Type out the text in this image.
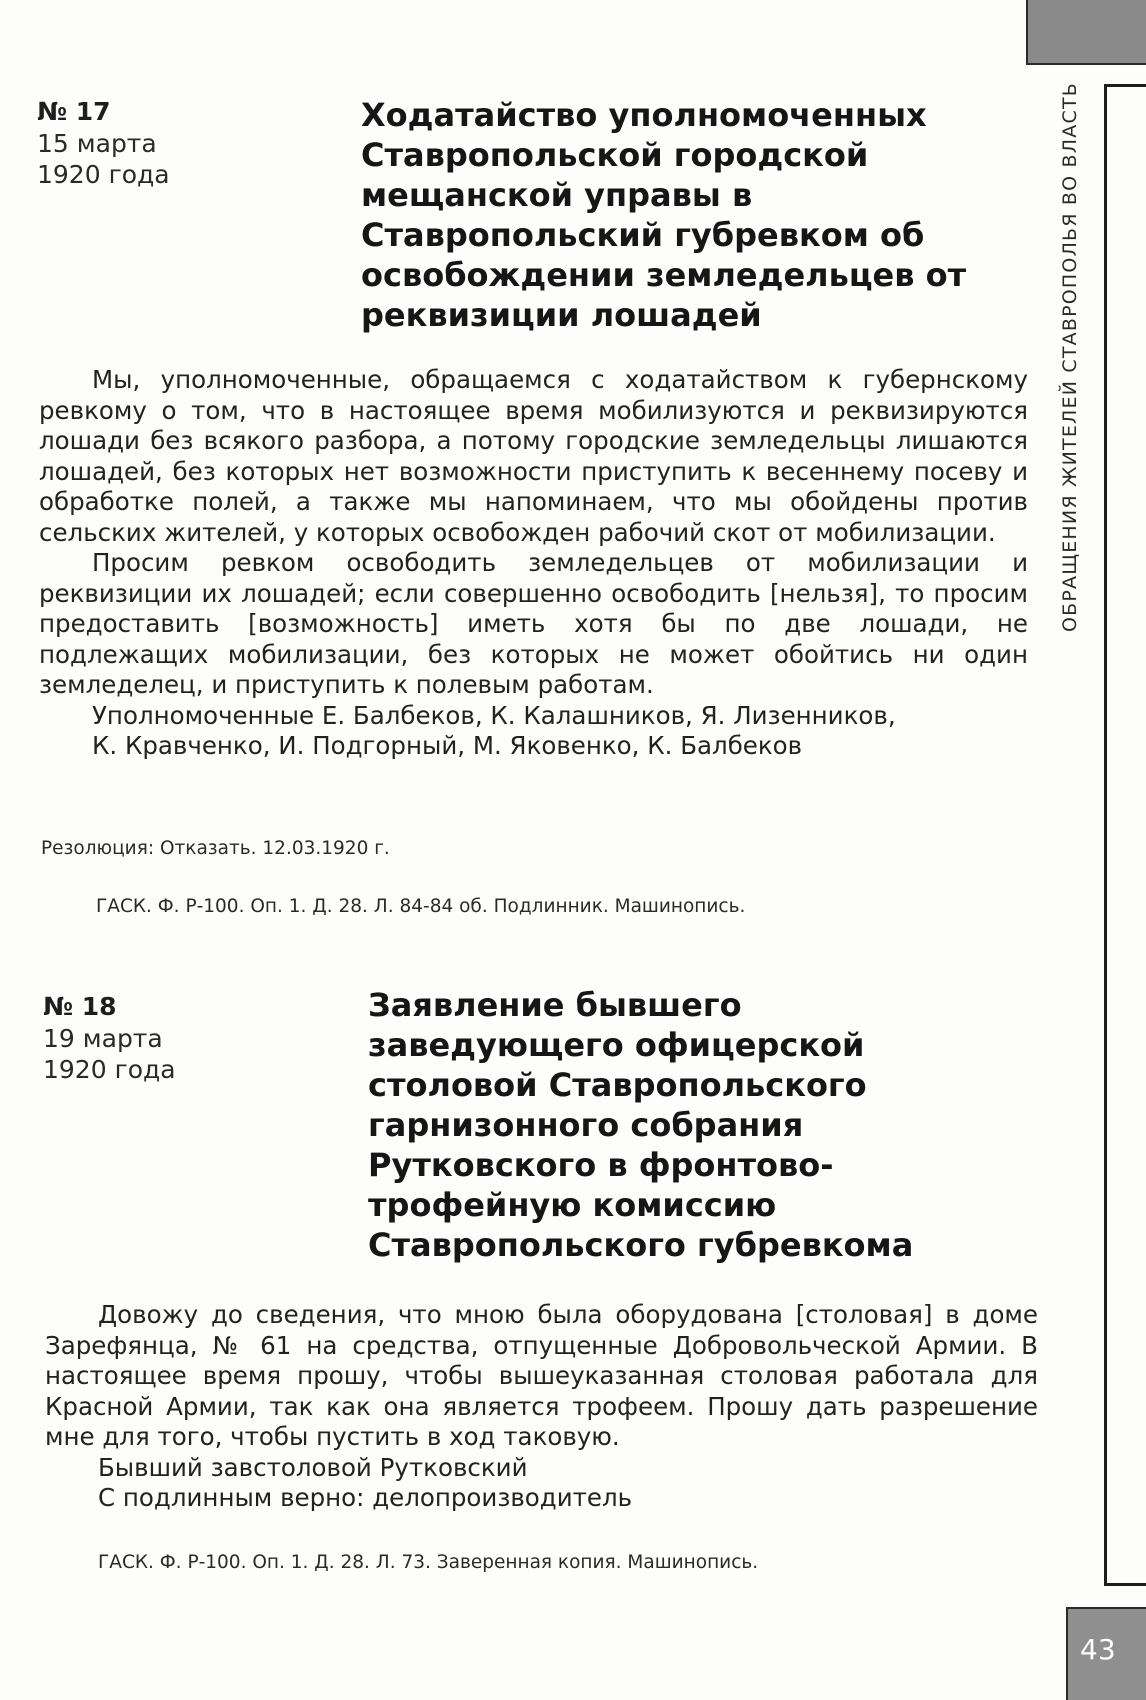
ОБРАЩЕНИЯ ЖИТЕЛЕЙ СТАВРОПОЛЬЯ ВО ВЛАСТЬ
№ 17
15 марта
1920 года
Ходатайство уполномоченных Ставропольской городской мещанской управы в Ставропольский губревком об освобождении земледельцев от реквизиции лошадей

Мы, уполномоченные, обращаемся с ходатайством к губернскому ревкому о том, что в настоящее время мобилизуются и реквизируются лошади без всякого разбора, а потому городские земледельцы лишаются лошадей, без которых нет возможности приступить к весеннему посеву и обработке полей, а также мы напоминаем, что мы обойдены против сельских жителей, у которых освобожден рабочий скот от мобилизации.

Просим ревком освободить земледельцев от мобилизации и реквизиции их лошадей; если совершенно освободить [нельзя], то просим предоставить [возможность] иметь хотя бы по две лошади, не подлежащих мобилизации, без которых не может обойтись ни один земледелец, и приступить к полевым работам.

Уполномоченные Е. Балбеков, К. Калашников, Я. Лизенников,
К. Кравченко, И. Подгорный, М. Яковенко, К. Балбеков
Резолюция: Отказать. 12.03.1920 г.
ГАСК. Ф. Р-100. Оп. 1. Д. 28. Л. 84-84 об. Подлинник. Машинопись.
№ 18
19 марта
1920 года
Заявление бывшего заведующего офицерской столовой Ставропольского гарнизонного собрания Рутковского в фронтово-трофейную комиссию Ставропольского губревкома

Довожу до сведения, что мною была оборудована [столовая] в доме Зарефянца, № 61 на средства, отпущенные Добровольческой Армии. В настоящее время прошу, чтобы вышеуказанная столовая работала для Красной Армии, так как она является трофеем. Прошу дать разрешение мне для того, чтобы пустить в ход таковую.

Бывший завстоловой Рутковский
С подлинным верно: делопроизводитель
ГАСК. Ф. Р-100. Оп. 1. Д. 28. Л. 73. Заверенная копия. Машинопись.
43
